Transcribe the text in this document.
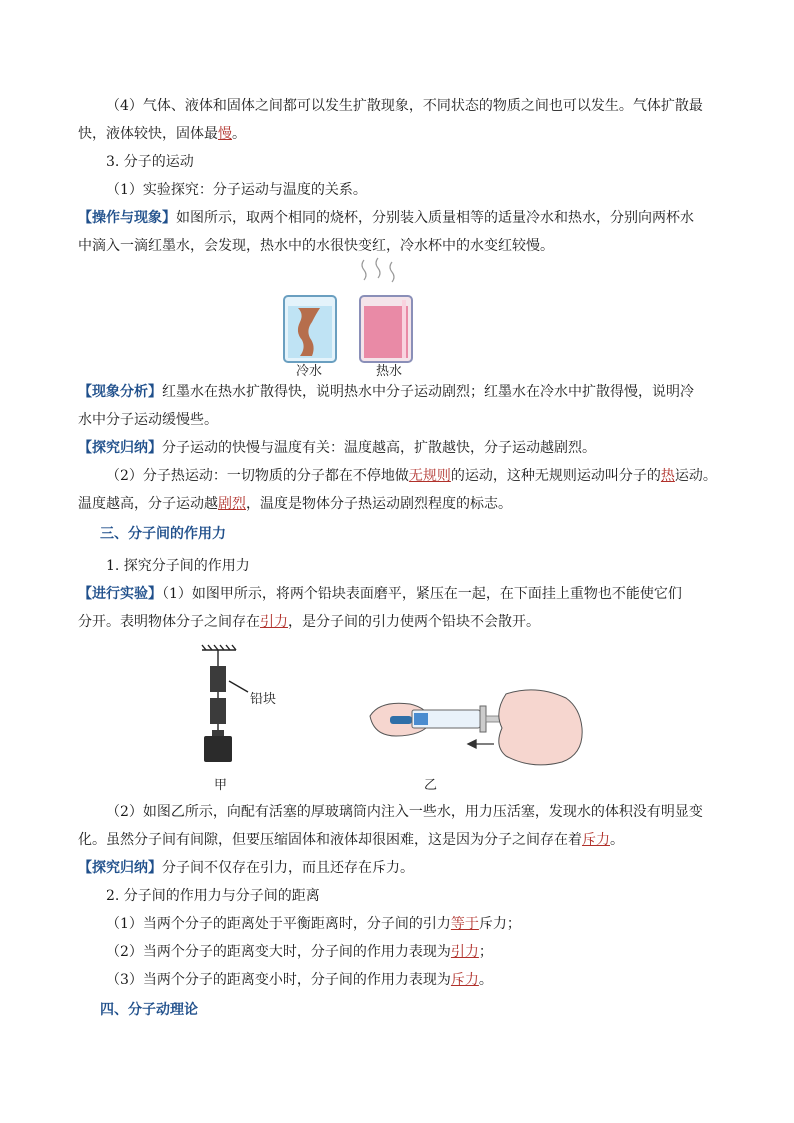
（4）气体、液体和固体之间都可以发生扩散现象，不同状态的物质之间也可以发生。气体扩散最
快，液体较快，固体最慢。
3. 分子的运动
（1）实验探究：分子运动与温度的关系。
【操作与现象】如图所示，取两个相同的烧杯，分别装入质量相等的适量冷水和热水，分别向两杯水
中滴入一滴红墨水，会发现，热水中的水很快变红，冷水杯中的水变红较慢。
冷水	热水
【现象分析】红墨水在热水扩散得快，说明热水中分子运动剧烈；红墨水在冷水中扩散得慢，说明冷
水中分子运动缓慢些。
【探究归纳】分子运动的快慢与温度有关：温度越高，扩散越快，分子运动越剧烈。
（2）分子热运动：一切物质的分子都在不停地做无规则的运动，这种无规则运动叫分子的热运动。
温度越高，分子运动越剧烈，温度是物体分子热运动剧烈程度的标志。
三、分子间的作用力
1. 探究分子间的作用力
【进行实验】（1）如图甲所示，将两个铅块表面磨平，紧压在一起，在下面挂上重物也不能使它们
分开。表明物体分子之间存在引力，是分子间的引力使两个铅块不会散开。
铅块
甲	乙
（2）如图乙所示，向配有活塞的厚玻璃筒内注入一些水，用力压活塞，发现水的体积没有明显变
化。虽然分子间有间隙，但要压缩固体和液体却很困难，这是因为分子之间存在着斥力。
【探究归纳】分子间不仅存在引力，而且还存在斥力。
2. 分子间的作用力与分子间的距离
（1）当两个分子的距离处于平衡距离时，分子间的引力等于斥力；
（2）当两个分子的距离变大时，分子间的作用力表现为引力；
（3）当两个分子的距离变小时，分子间的作用力表现为斥力。
四、分子动理论
